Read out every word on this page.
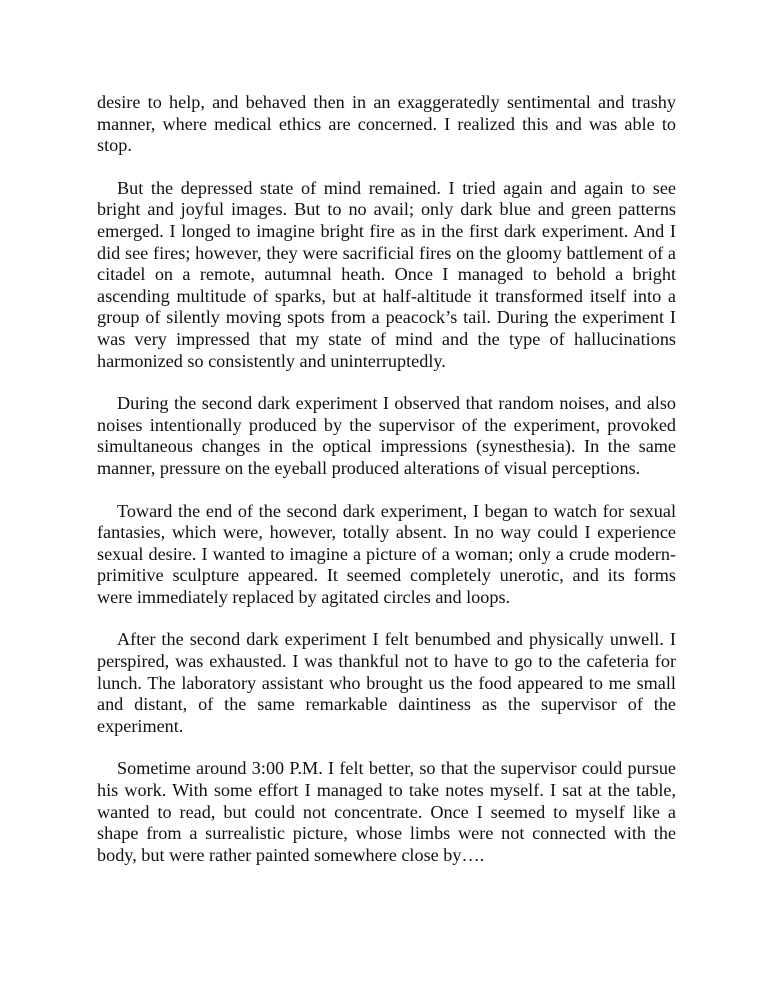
desire to help, and behaved then in an exaggeratedly sentimental and trashy manner, where medical ethics are concerned. I realized this and was able to stop.

But the depressed state of mind remained. I tried again and again to see bright and joyful images. But to no avail; only dark blue and green patterns emerged. I longed to imagine bright fire as in the first dark experiment. And I did see fires; however, they were sacrificial fires on the gloomy battlement of a citadel on a remote, autumnal heath. Once I managed to behold a bright ascending multitude of sparks, but at half-altitude it transformed itself into a group of silently moving spots from a peacock’s tail. During the experiment I was very impressed that my state of mind and the type of hallucinations harmonized so consistently and uninterruptedly.

During the second dark experiment I observed that random noises, and also noises intentionally produced by the supervisor of the experiment, provoked simultaneous changes in the optical impressions (synesthesia). In the same manner, pressure on the eyeball produced alterations of visual perceptions.

Toward the end of the second dark experiment, I began to watch for sexual fantasies, which were, however, totally absent. In no way could I experience sexual desire. I wanted to imagine a picture of a woman; only a crude modern-primitive sculpture appeared. It seemed completely unerotic, and its forms were immediately replaced by agitated circles and loops.

After the second dark experiment I felt benumbed and physically unwell. I perspired, was exhausted. I was thankful not to have to go to the cafeteria for lunch. The laboratory assistant who brought us the food appeared to me small and distant, of the same remarkable daintiness as the supervisor of the experiment.

Sometime around 3:00 P.M. I felt better, so that the supervisor could pursue his work. With some effort I managed to take notes myself. I sat at the table, wanted to read, but could not concentrate. Once I seemed to myself like a shape from a surrealistic picture, whose limbs were not connected with the body, but were rather painted somewhere close by….
